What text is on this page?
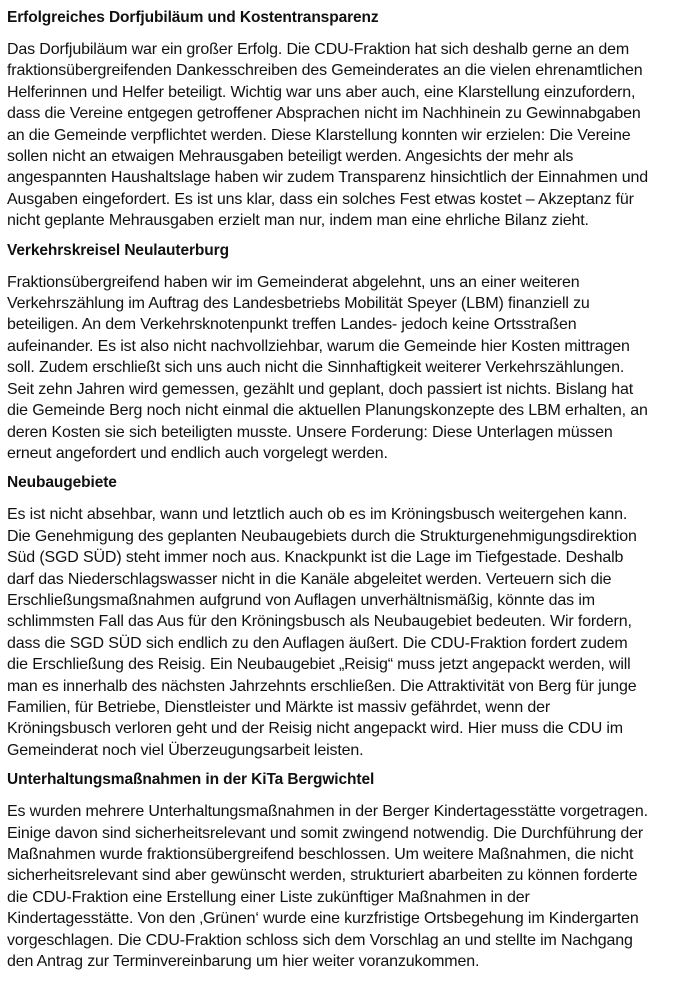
Erfolgreiches Dorfjubiläum und Kostentransparenz

Das Dorfjubiläum war ein großer Erfolg. Die CDU-Fraktion hat sich deshalb gerne an dem
fraktionsübergreifenden Dankesschreiben des Gemeinderates an die vielen ehrenamtlichen
Helferinnen und Helfer beteiligt. Wichtig war uns aber auch, eine Klarstellung einzufordern,
dass die Vereine entgegen getroffener Absprachen nicht im Nachhinein zu Gewinnabgaben
an die Gemeinde verpflichtet werden. Diese Klarstellung konnten wir erzielen: Die Vereine
sollen nicht an etwaigen Mehrausgaben beteiligt werden. Angesichts der mehr als
angespannten Haushaltslage haben wir zudem Transparenz hinsichtlich der Einnahmen und
Ausgaben eingefordert. Es ist uns klar, dass ein solches Fest etwas kostet – Akzeptanz für
nicht geplante Mehrausgaben erzielt man nur, indem man eine ehrliche Bilanz zieht.

Verkehrskreisel Neulauterburg

Fraktionsübergreifend haben wir im Gemeinderat abgelehnt, uns an einer weiteren
Verkehrszählung im Auftrag des Landesbetriebs Mobilität Speyer (LBM) finanziell zu
beteiligen. An dem Verkehrsknotenpunkt treffen Landes- jedoch keine Ortsstraßen
aufeinander. Es ist also nicht nachvollziehbar, warum die Gemeinde hier Kosten mittragen
soll. Zudem erschließt sich uns auch nicht die Sinnhaftigkeit weiterer Verkehrszählungen.
Seit zehn Jahren wird gemessen, gezählt und geplant, doch passiert ist nichts. Bislang hat
die Gemeinde Berg noch nicht einmal die aktuellen Planungskonzepte des LBM erhalten, an
deren Kosten sie sich beteiligten musste. Unsere Forderung: Diese Unterlagen müssen
erneut angefordert und endlich auch vorgelegt werden.

Neubaugebiete

Es ist nicht absehbar, wann und letztlich auch ob es im Kröningsbusch weitergehen kann.
Die Genehmigung des geplanten Neubaugebiets durch die Strukturgenehmigungsdirektion
Süd (SGD SÜD) steht immer noch aus. Knackpunkt ist die Lage im Tiefgestade. Deshalb
darf das Niederschlagswasser nicht in die Kanäle abgeleitet werden. Verteuern sich die
Erschließungsmaßnahmen aufgrund von Auflagen unverhältnismäßig, könnte das im
schlimmsten Fall das Aus für den Kröningsbusch als Neubaugebiet bedeuten. Wir fordern,
dass die SGD SÜD sich endlich zu den Auflagen äußert. Die CDU-Fraktion fordert zudem
die Erschließung des Reisig. Ein Neubaugebiet „Reisig“ muss jetzt angepackt werden, will
man es innerhalb des nächsten Jahrzehnts erschließen. Die Attraktivität von Berg für junge
Familien, für Betriebe, Dienstleister und Märkte ist massiv gefährdet, wenn der
Kröningsbusch verloren geht und der Reisig nicht angepackt wird. Hier muss die CDU im
Gemeinderat noch viel Überzeugungsarbeit leisten.

Unterhaltungsmaßnahmen in der KiTa Bergwichtel

Es wurden mehrere Unterhaltungsmaßnahmen in der Berger Kindertagesstätte vorgetragen.
Einige davon sind sicherheitsrelevant und somit zwingend notwendig. Die Durchführung der
Maßnahmen wurde fraktionsübergreifend beschlossen. Um weitere Maßnahmen, die nicht
sicherheitsrelevant sind aber gewünscht werden, strukturiert abarbeiten zu können forderte
die CDU-Fraktion eine Erstellung einer Liste zukünftiger Maßnahmen in der
Kindertagesstätte. Von den ‚Grünen‘ wurde eine kurzfristige Ortsbegehung im Kindergarten
vorgeschlagen. Die CDU-Fraktion schloss sich dem Vorschlag an und stellte im Nachgang
den Antrag zur Terminvereinbarung um hier weiter voranzukommen.
